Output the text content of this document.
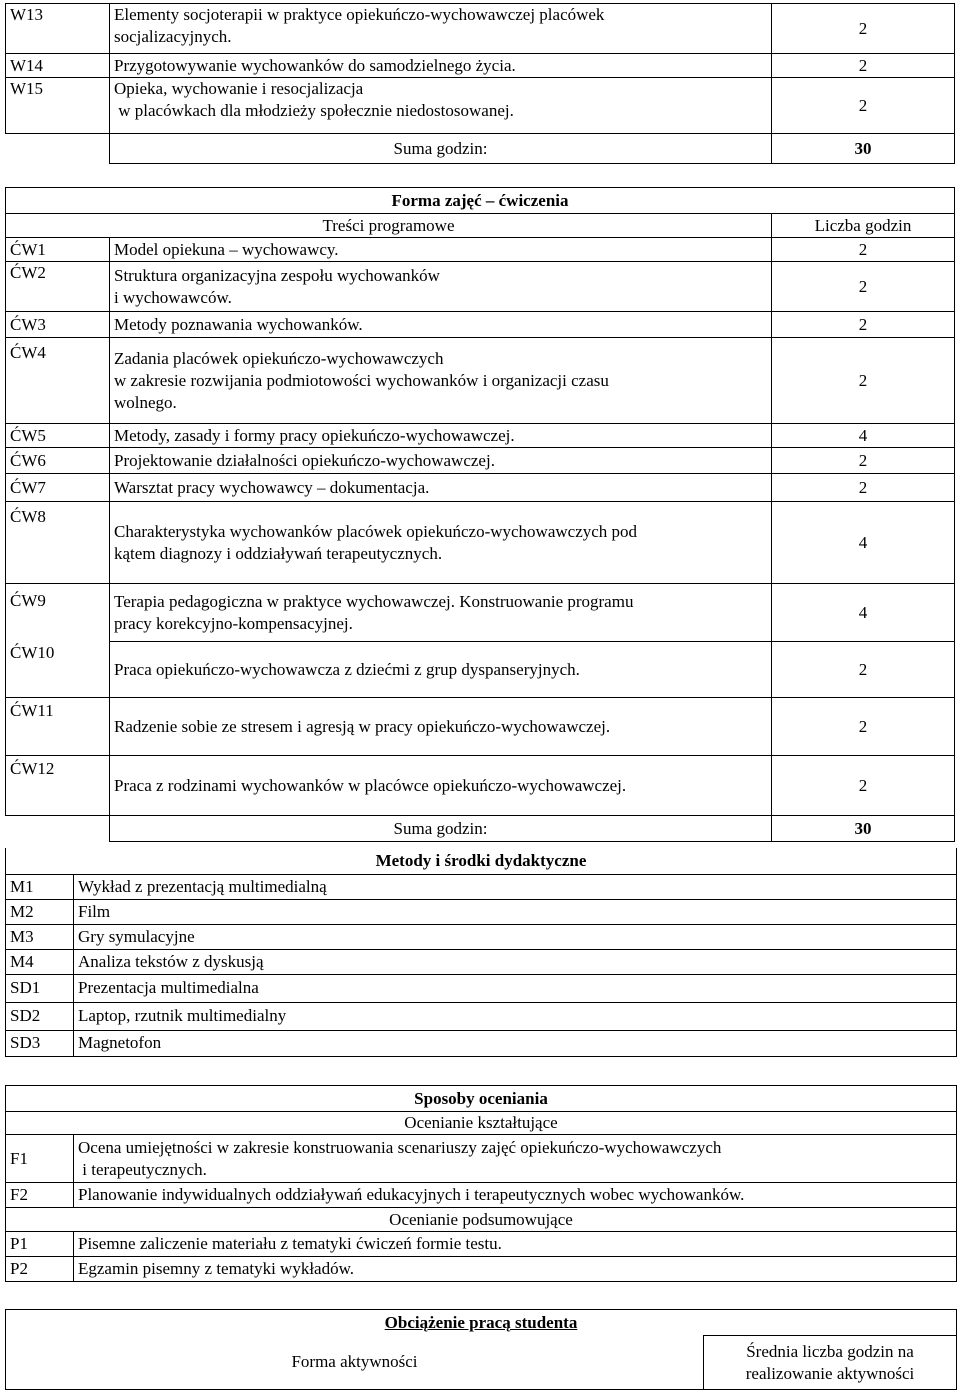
W13	Elementy socjoterapii w praktyce opiekuńczo-wychowawczej placówek
socjalizacyjnych.	2
W14	Przygotowywanie wychowanków do samodzielnego życia.	2
W15	Opieka, wychowanie i resocjalizacja
w placówkach dla młodzieży społecznie niedostosowanej.	2
	Suma godzin:	30
Forma zajęć – ćwiczenia		
Treści programowe		Liczba godzin
ĆW1	Model opiekuna – wychowawcy.	2
ĆW2	Struktura organizacyjna zespołu wychowanków
i wychowawców.	2
ĆW3	Metody poznawania wychowanków.	2
ĆW4	Zadania placówek opiekuńczo-wychowawczych
w zakresie rozwijania podmiotowości wychowanków i organizacji czasu
wolnego.	2
ĆW5	Metody, zasady i formy pracy opiekuńczo-wychowawczej.	4
ĆW6	Projektowanie działalności opiekuńczo-wychowawczej.	2
ĆW7	Warsztat pracy wychowawcy – dokumentacja.	2
ĆW8	Charakterystyka wychowanków placówek opiekuńczo-wychowawczych pod
kątem diagnozy i oddziaływań terapeutycznych.	4
ĆW9	Terapia pedagogiczna w praktyce wychowawczej. Konstruowanie programu
pracy korekcyjno-kompensacyjnej.	4
ĆW10	Praca opiekuńczo-wychowawcza z dziećmi z grup dyspanseryjnych.	2
ĆW11	Radzenie sobie ze stresem i agresją w pracy opiekuńczo-wychowawczej.	2
ĆW12	Praca z rodzinami wychowanków w placówce opiekuńczo-wychowawczej.	2
	Suma godzin:	30
Metody i środki dydaktyczne	
M1	Wykład z prezentacją multimedialną
M2	Film
M3	Gry symulacyjne
M4	Analiza tekstów z dyskusją
SD1	Prezentacja multimedialna
SD2	Laptop, rzutnik multimedialny
SD3	Magnetofon
Sposoby oceniania	
Ocenianie kształtujące	
F1	Ocena umiejętności w zakresie konstruowania scenariuszy zajęć opiekuńczo-wychowawczych
i terapeutycznych.

F2	Planowanie indywidualnych oddziaływań edukacyjnych i terapeutycznych wobec wychowanków.
Ocenianie podsumowujące	
P1	Pisemne zaliczenie materiału z tematyki ćwiczeń formie testu.
P2	Egzamin pisemny z tematyki wykładów.
Obciążenie pracą studenta
Forma aktywności	
Średnia liczba godzin na
realizowanie aktywności
